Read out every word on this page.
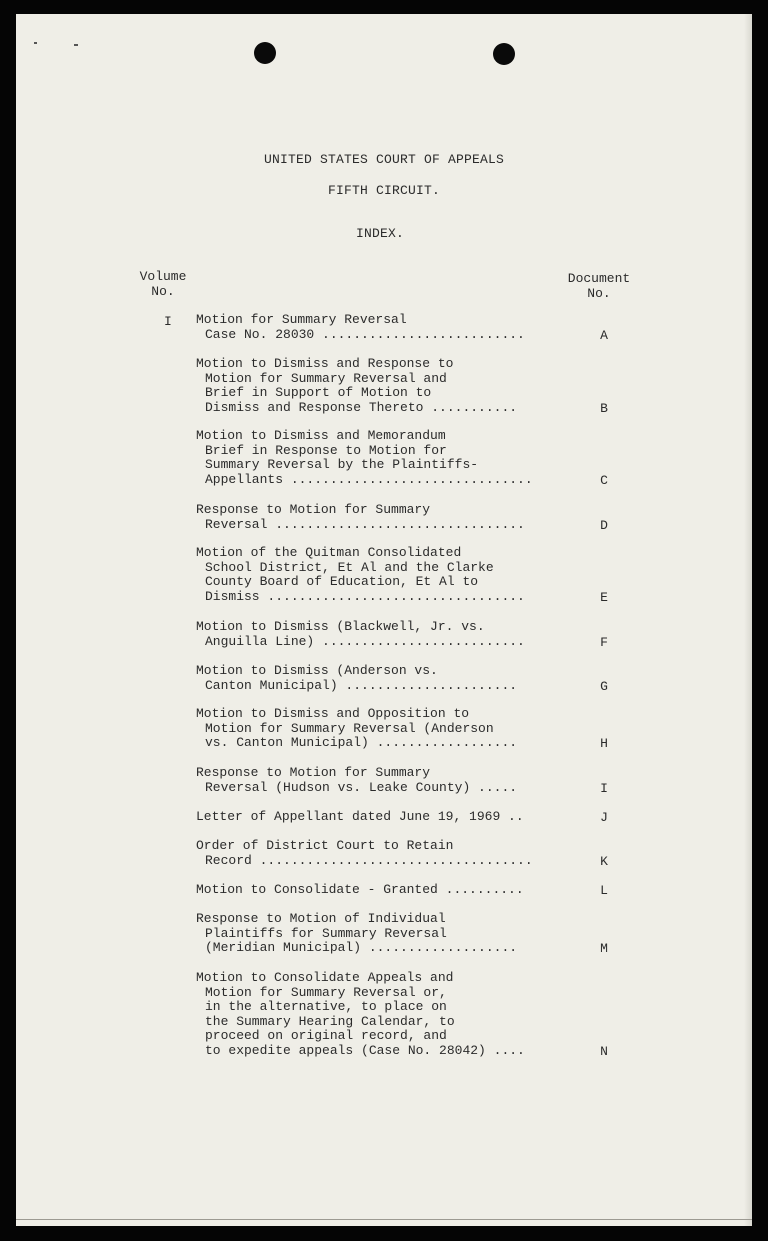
UNITED STATES COURT OF APPEALS
FIFTH CIRCUIT.
INDEX.
Volume
No.
Document
No.
I Motion for Summary Reversal
Case No. 28030 ..........................	A
Motion to Dismiss and Response to
Motion for Summary Reversal and
Brief in Support of Motion to
Dismiss and Response Thereto ...........	B
Motion to Dismiss and Memorandum
Brief in Response to Motion for
Summary Reversal by the Plaintiffs-
Appellants ...............................	C
Response to Motion for Summary
Reversal ................................	D
Motion of the Quitman Consolidated
School District, Et Al and the Clarke
County Board of Education, Et Al to
Dismiss .................................	E
Motion to Dismiss (Blackwell, Jr. vs.
Anguilla Line) ..........................	F
Motion to Dismiss (Anderson vs.
Canton Municipal) ......................	G
Motion to Dismiss and Opposition to
Motion for Summary Reversal (Anderson
vs. Canton Municipal) ..................	H
Response to Motion for Summary
Reversal (Hudson vs. Leake County) .....	I
Letter of Appellant dated June 19, 1969 ..	J
Order of District Court to Retain
Record ...................................	K
Motion to Consolidate - Granted ..........	L
Response to Motion of Individual
Plaintiffs for Summary Reversal
(Meridian Municipal) ...................	M
Motion to Consolidate Appeals and
Motion for Summary Reversal or,
in the alternative, to place on
the Summary Hearing Calendar, to
proceed on original record, and
to expedite appeals (Case No. 28042) ....	N
